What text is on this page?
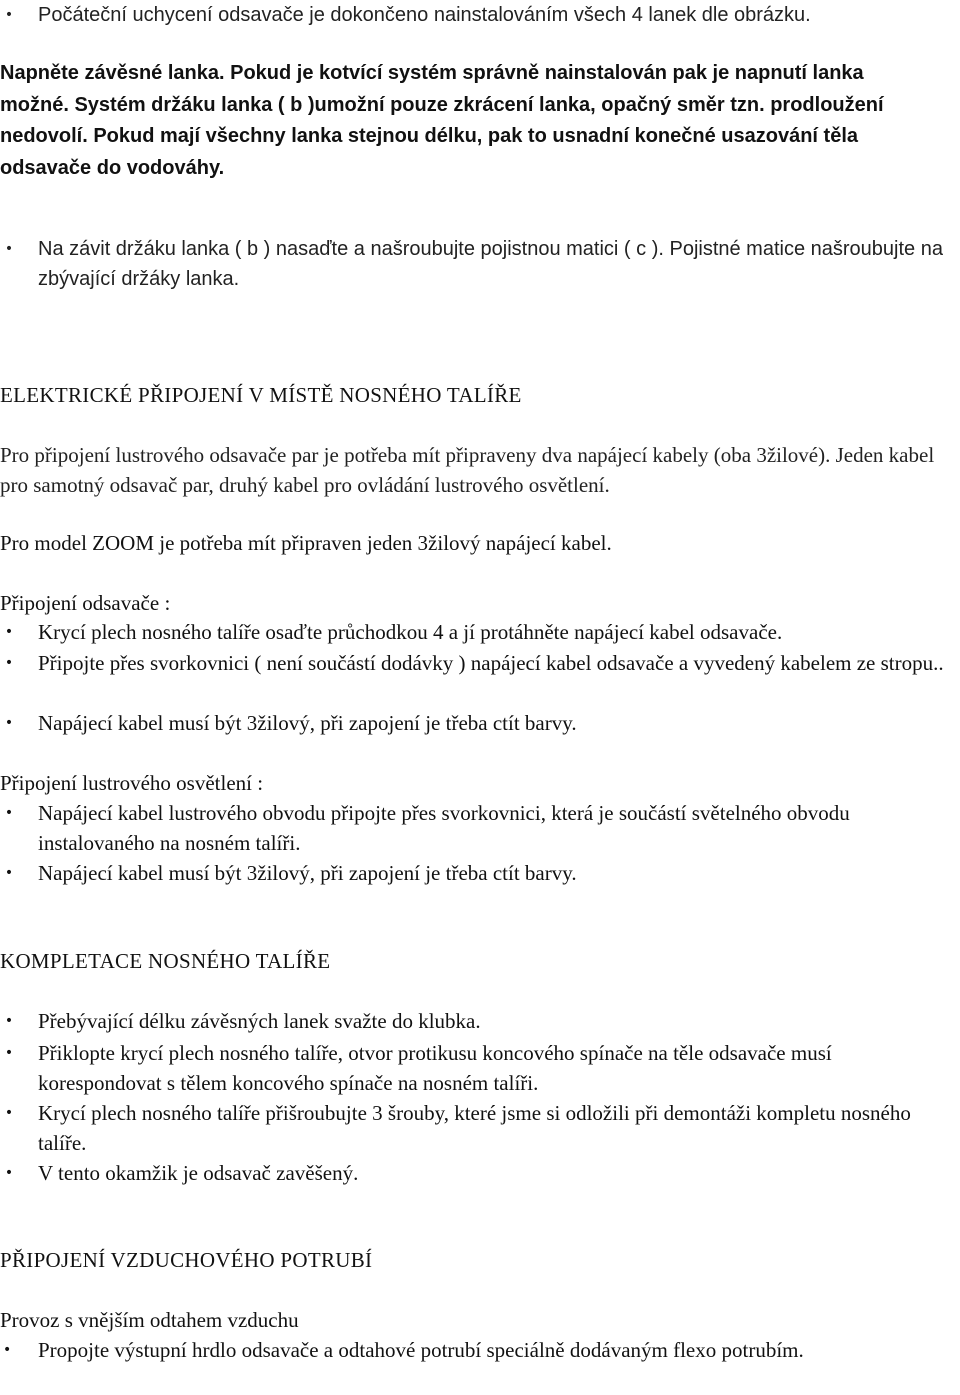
• Počáteční uchycení odsavače je dokončeno nainstalováním všech 4 lanek dle obrázku.
Napněte závěsné lanka. Pokud je kotvící systém správně nainstalován pak je napnutí lanka možné. Systém držáku lanka ( b )umožní pouze zkrácení lanka, opačný směr tzn. prodloužení nedovolí. Pokud mají všechny lanka stejnou délku, pak to usnadní konečné usazování těla odsavače do vodováhy.
• Na závit držáku lanka ( b ) nasaďte a našroubujte pojistnou matici ( c ). Pojistné matice našroubujte na zbývající držáky lanka.
ELEKTRICKÉ PŘIPOJENÍ V MÍSTĚ NOSNÉHO TALÍŘE
Pro připojení lustrového odsavače par je potřeba mít připraveny dva napájecí kabely (oba 3žilové). Jeden kabel pro samotný odsavač par, druhý kabel pro ovládání lustrového osvětlení.
Pro model ZOOM je potřeba mít připraven jeden 3žilový napájecí kabel.
Připojení odsavače :
• Krycí plech nosného talíře osaďte průchodkou 4 a jí protáhněte napájecí kabel odsavače.
• Připojte přes svorkovnici ( není součástí dodávky ) napájecí kabel odsavače a vyvedený kabelem ze stropu..
• Napájecí kabel musí být 3žilový, při zapojení je třeba ctít barvy.
Připojení lustrového osvětlení :
• Napájecí kabel lustrového obvodu připojte přes svorkovnici, která je součástí světelného obvodu instalovaného na nosném talíři.
• Napájecí kabel musí být 3žilový, při zapojení je třeba ctít barvy.
KOMPLETACE NOSNÉHO TALÍŘE
• Přebývající délku závěsných lanek svažte do klubka.
• Přiklopte krycí plech nosného talíře, otvor protikusu koncového spínače na těle odsavače musí korespondovat s tělem koncového spínače na nosném talíři.
• Krycí plech nosného talíře přišroubujte 3 šrouby, které jsme si odložili při demontáži kompletu nosného talíře.
• V tento okamžik je odsavač zavěšený.
PŘIPOJENÍ VZDUCHOVÉHO POTRUBÍ
Provoz s vnějším odtahem vzduchu
• Propojte výstupní hrdlo odsavače a odtahové potrubí speciálně dodávaným flexo potrubím.
